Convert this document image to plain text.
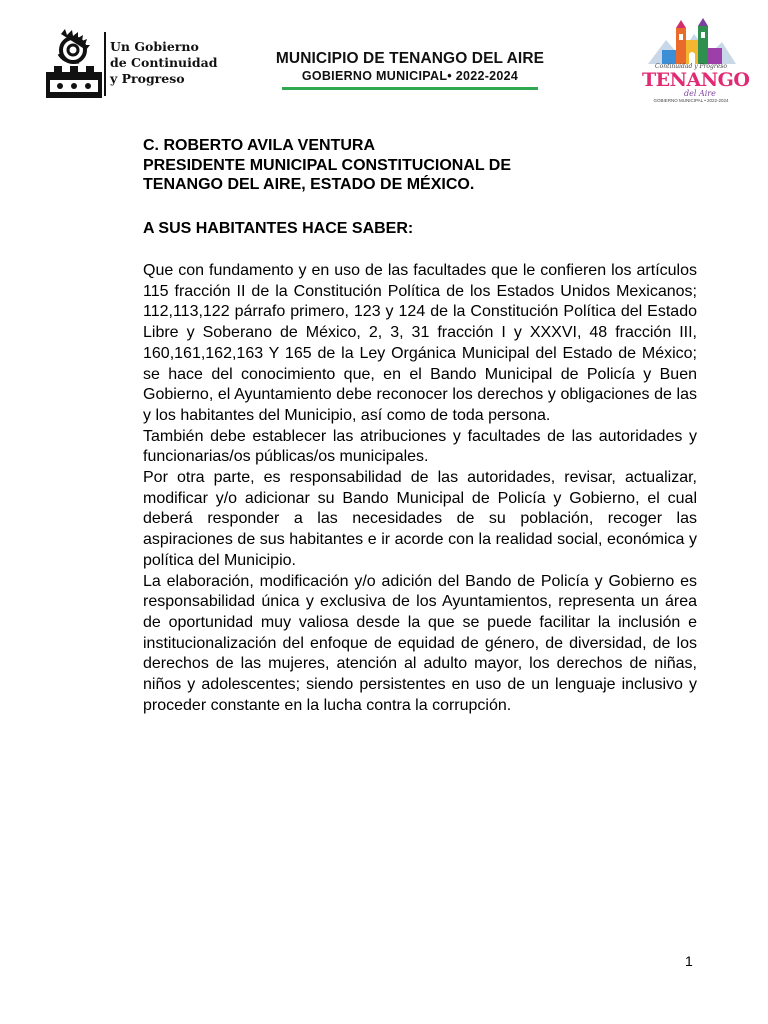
Un Gobierno
de Continuidad
y Progreso
MUNICIPIO DE TENANGO DEL AIRE
GOBIERNO MUNICIPAL• 2022-2024
Continuidad y Progreso
TENANGO
del Aire
GOBIERNO MUNICIPAL • 2022-2024
C. ROBERTO AVILA VENTURA
PRESIDENTE MUNICIPAL CONSTITUCIONAL DE
TENANGO DEL AIRE, ESTADO DE MÉXICO.
A SUS HABITANTES HACE SABER:

Que con fundamento y en uso de las facultades que le confieren los artículos 115 fracción II de la Constitución Política de los Estados Unidos Mexicanos; 112,113,122 párrafo primero, 123 y 124 de la Constitución Política del Estado Libre y Soberano de México, 2, 3, 31 fracción I y XXXVI, 48 fracción III, 160,161,162,163 Y 165 de la Ley Orgánica Municipal del Estado de México; se hace del conocimiento que, en el Bando Municipal de Policía y Buen Gobierno, el Ayuntamiento debe reconocer los derechos y obligaciones de las y los habitantes del Municipio, así como de toda persona.

También debe establecer las atribuciones y facultades de las autoridades y funcionarias/os públicas/os municipales.

Por otra parte, es responsabilidad de las autoridades, revisar, actualizar, modificar y/o adicionar su Bando Municipal de Policía y Gobierno, el cual deberá responder a las necesidades de su población, recoger las aspiraciones de sus habitantes e ir acorde con la realidad social, económica y política del Municipio.

La elaboración, modificación y/o adición del Bando de Policía y Gobierno es responsabilidad única y exclusiva de los Ayuntamientos, representa un área de oportunidad muy valiosa desde la que se puede facilitar la inclusión e institucionalización del enfoque de equidad de género, de diversidad, de los derechos de las mujeres, atención al adulto mayor, los derechos de niñas, niños y adolescentes; siendo persistentes en uso de un lenguaje inclusivo y proceder constante en la lucha contra la corrupción.

1
